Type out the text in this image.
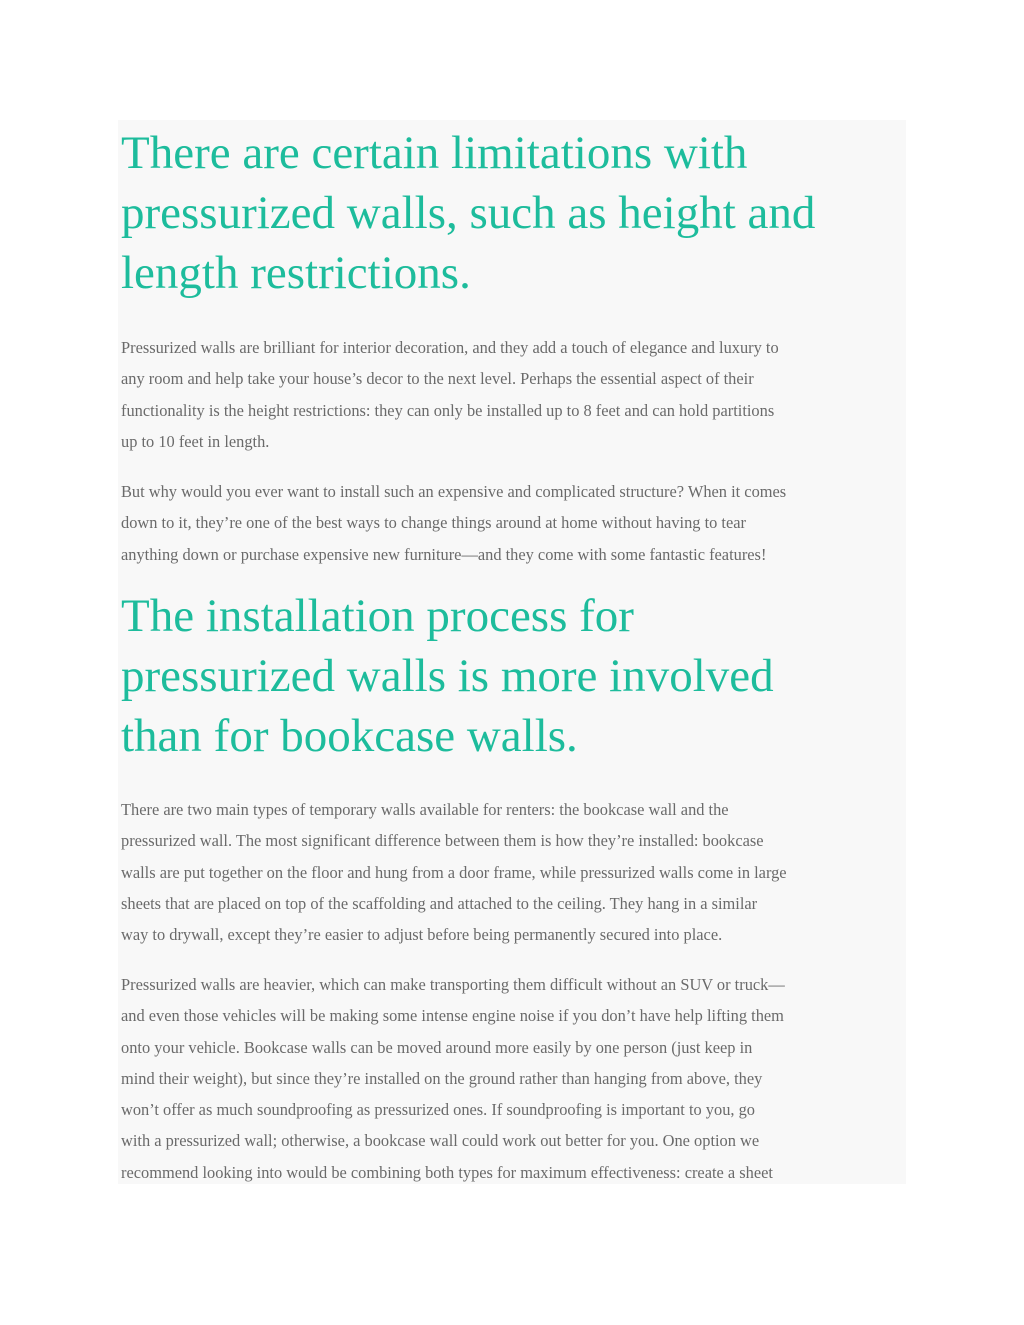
There are certain limitations with
pressurized walls, such as height and
length restrictions.

Pressurized walls are brilliant for interior decoration, and they add a touch of elegance and luxury to
any room and help take your house’s decor to the next level. Perhaps the essential aspect of their
functionality is the height restrictions: they can only be installed up to 8 feet and can hold partitions
up to 10 feet in length.

But why would you ever want to install such an expensive and complicated structure? When it comes
down to it, they’re one of the best ways to change things around at home without having to tear
anything down or purchase expensive new furniture—and they come with some fantastic features!

The installation process for
pressurized walls is more involved
than for bookcase walls.

There are two main types of temporary walls available for renters: the bookcase wall and the
pressurized wall. The most significant difference between them is how they’re installed: bookcase
walls are put together on the floor and hung from a door frame, while pressurized walls come in large
sheets that are placed on top of the scaffolding and attached to the ceiling. They hang in a similar
way to drywall, except they’re easier to adjust before being permanently secured into place.

Pressurized walls are heavier, which can make transporting them difficult without an SUV or truck—
and even those vehicles will be making some intense engine noise if you don’t have help lifting them
onto your vehicle. Bookcase walls can be moved around more easily by one person (just keep in
mind their weight), but since they’re installed on the ground rather than hanging from above, they
won’t offer as much soundproofing as pressurized ones. If soundproofing is important to you, go
with a pressurized wall; otherwise, a bookcase wall could work out better for you. One option we
recommend looking into would be combining both types for maximum effectiveness: create a sheet
